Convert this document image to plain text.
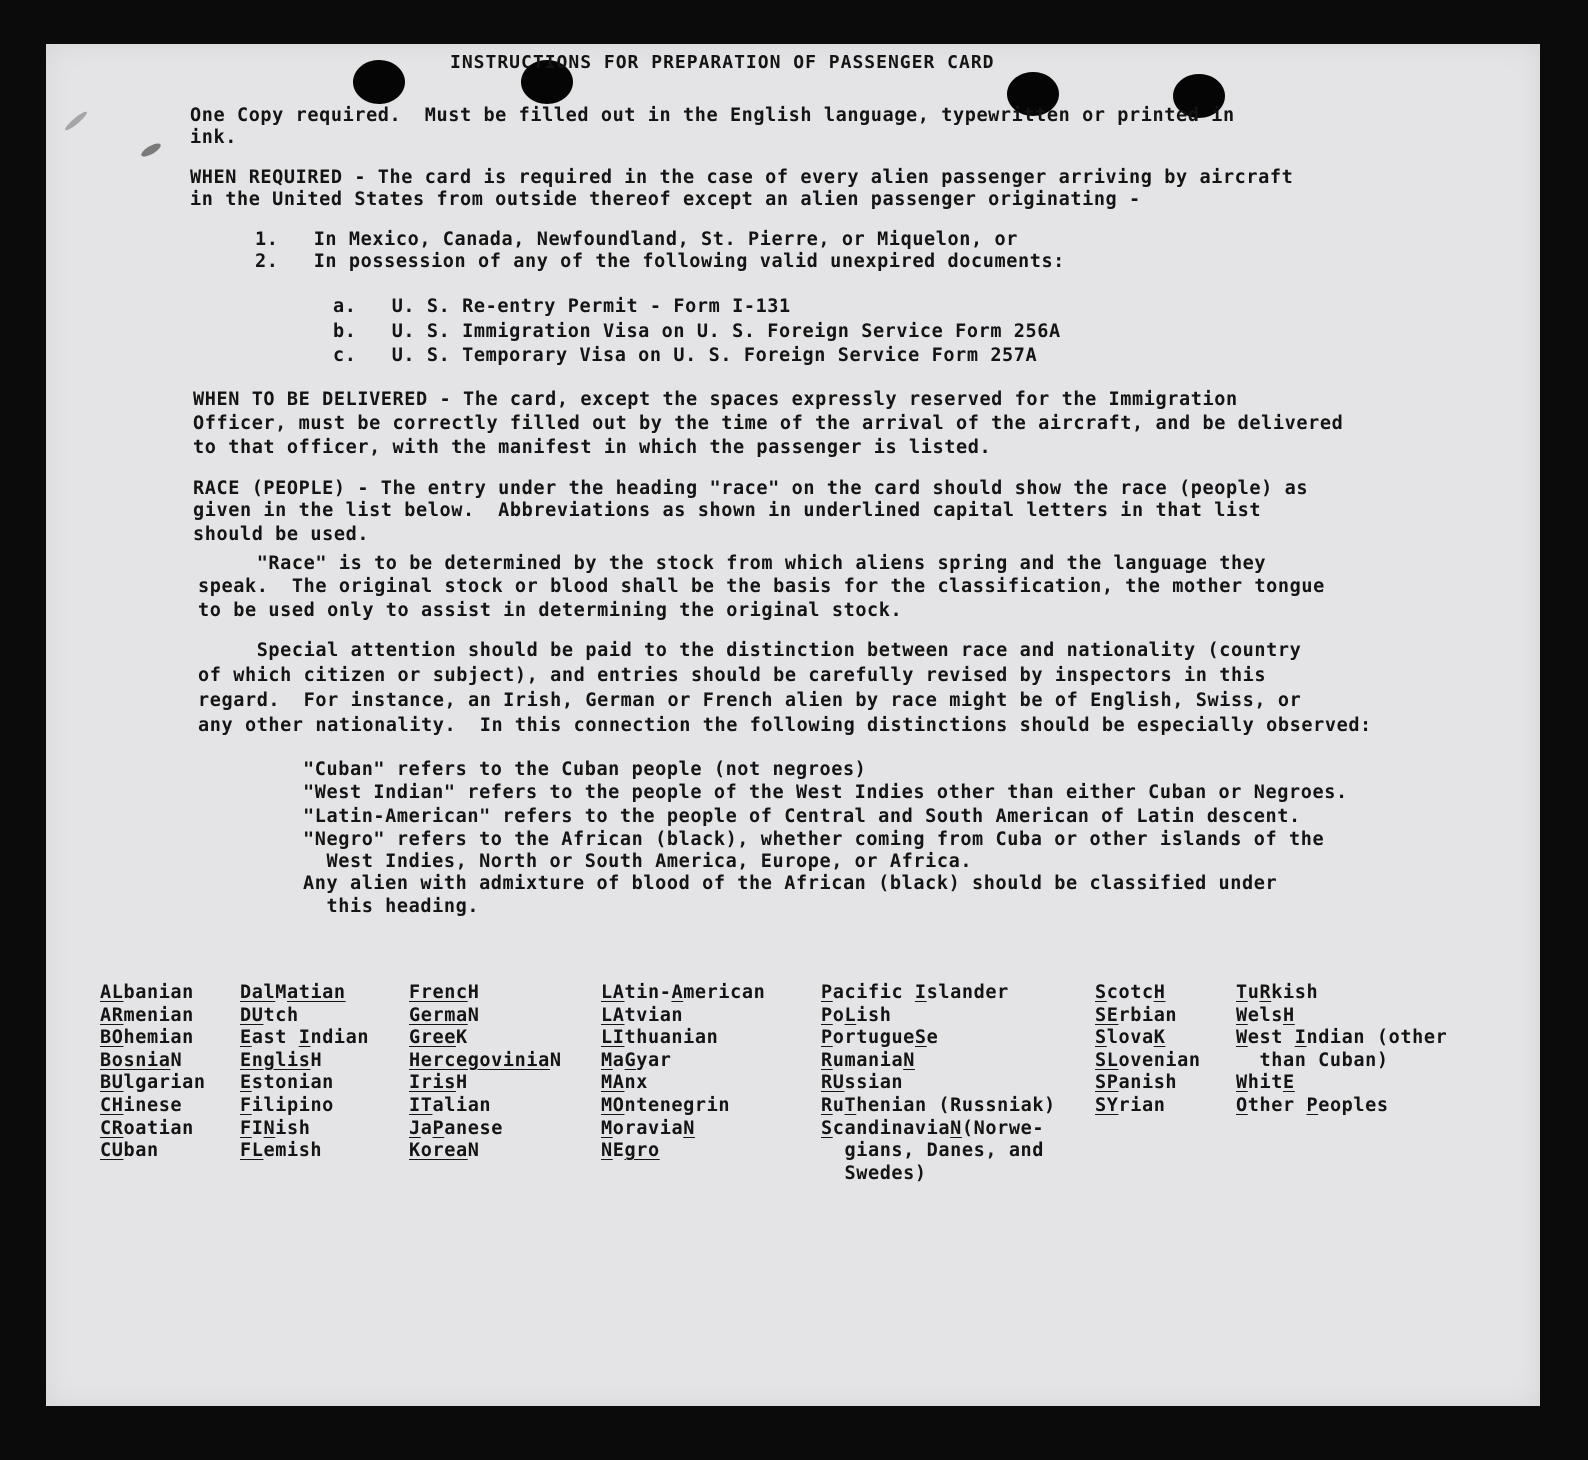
INSTRUCTIONS FOR PREPARATION OF PASSENGER CARD
One Copy required.  Must be filled out in the English language, typewritten or printed in
ink.
WHEN REQUIRED - The card is required in the case of every alien passenger arriving by aircraft
in the United States from outside thereof except an alien passenger originating -
1.   In Mexico, Canada, Newfoundland, St. Pierre, or Miquelon, or
2.   In possession of any of the following valid unexpired documents:
a.   U. S. Re-entry Permit - Form I-131
b.   U. S. Immigration Visa on U. S. Foreign Service Form 256A
c.   U. S. Temporary Visa on U. S. Foreign Service Form 257A
WHEN TO BE DELIVERED - The card, except the spaces expressly reserved for the Immigration
Officer, must be correctly filled out by the time of the arrival of the aircraft, and be delivered
to that officer, with the manifest in which the passenger is listed.
RACE (PEOPLE) - The entry under the heading "race" on the card should show the race (people) as
given in the list below.  Abbreviations as shown in underlined capital letters in that list
should be used.
"Race" is to be determined by the stock from which aliens spring and the language they
speak.  The original stock or blood shall be the basis for the classification, the mother tongue
to be used only to assist in determining the original stock.
Special attention should be paid to the distinction between race and nationality (country
of which citizen or subject), and entries should be carefully revised by inspectors in this
regard.  For instance, an Irish, German or French alien by race might be of English, Swiss, or
any other nationality.  In this connection the following distinctions should be especially observed:
"Cuban" refers to the Cuban people (not negroes)
"West Indian" refers to the people of the West Indies other than either Cuban or Negroes.
"Latin-American" refers to the people of Central and South American of Latin descent.
"Negro" refers to the African (black), whether coming from Cuba or other islands of the
West Indies, North or South America, Europe, or Africa.
Any alien with admixture of blood of the African (black) should be classified under
this heading.
ALbanian
ARmenian
BOhemian
BosniaN
BUlgarian
CHinese
CRoatian
CUban
DalMatian
DUtch
East Indian
EnglisH
Estonian
Filipino
FINish
FLemish
FrencH
GermaN
GreeK
HercegoviniaN
IrisH
ITalian
JaPanese
KoreaN
LAtin-American
LAtvian
LIthuanian
MaGyar
MAnx
MOntenegrin
MoraviaN
NEgro
Pacific Islander
PoLish
PortugueSe
RumaniaN
RUssian
RuThenian (Russniak)
ScandinaviaN(Norwe-
gians, Danes, and
Swedes)
ScotcH
SErbian
SlovaK
SLovenian
SPanish
SYrian
TuRkish
WelsH
West Indian (other
than Cuban)
WhitE
Other Peoples
